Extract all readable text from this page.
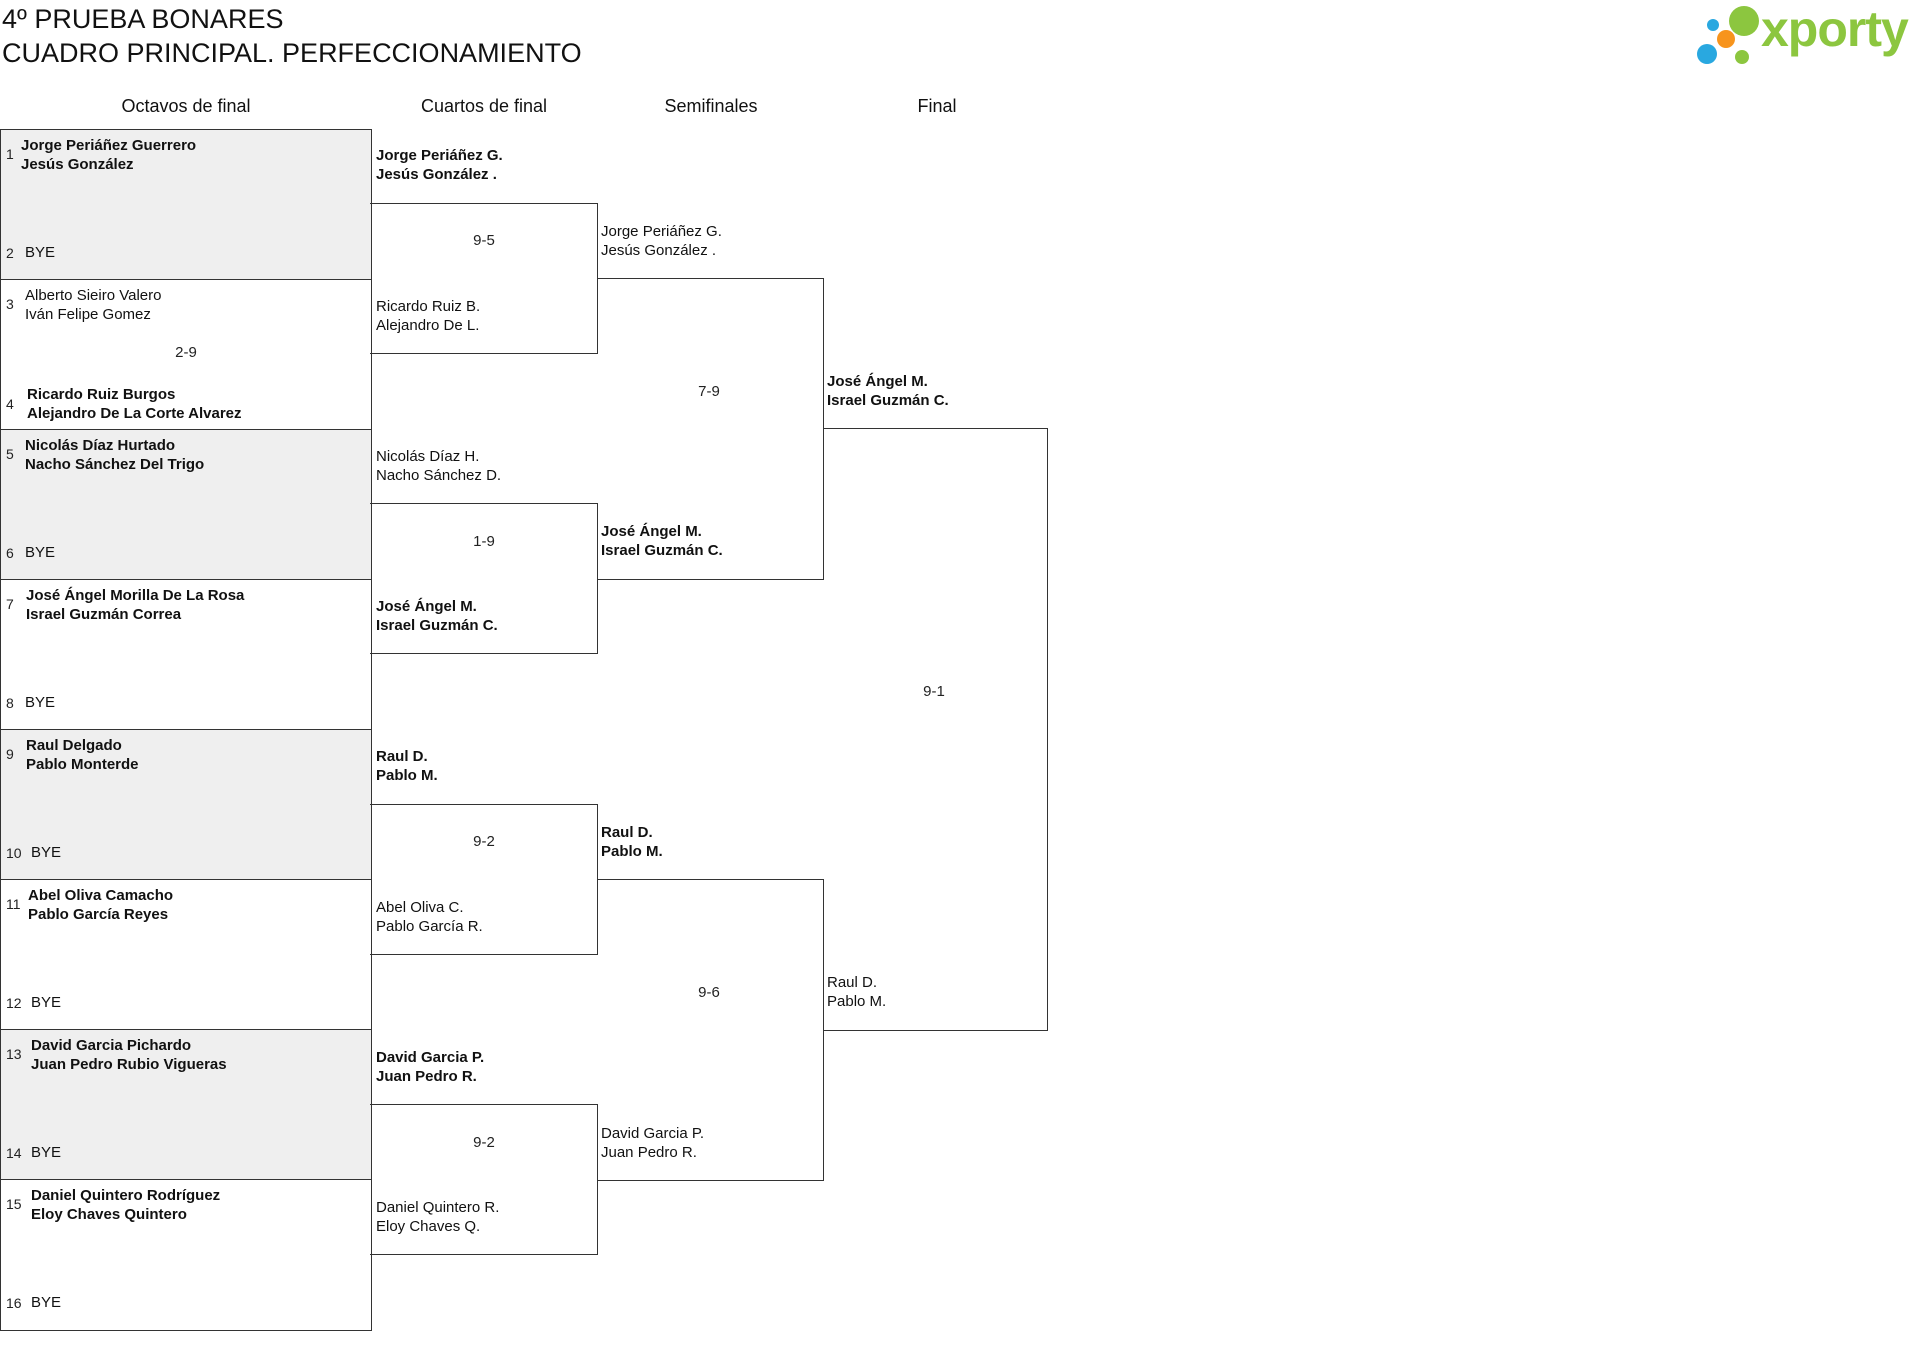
4º PRUEBA BONARES
CUADRO PRINCIPAL. PERFECCIONAMIENTO	xporty
Octavos de final	Cuartos de final	Semifinales	Final
1 Jorge Periáñez Guerrero
Jesús González
2 BYE
3 Alberto Sieiro Valero
Iván Felipe Gomez
2-9
4
Ricardo Ruiz Burgos
Alejandro De La Corte Alvarez
5 Nicolás Díaz Hurtado
Nacho Sánchez Del Trigo
6 BYE
7 José Ángel Morilla De La Rosa
Israel Guzmán Correa
8 BYE
9 Raul Delgado
Pablo Monterde
10 BYE
11 Abel Oliva Camacho
Pablo García Reyes
12 BYE
13 David Garcia Pichardo
Juan Pedro Rubio Vigueras
14 BYE
15 Daniel Quintero Rodríguez
Eloy Chaves Quintero
16 BYE
Jorge Periáñez G.
Jesús González .
9-5
Ricardo Ruiz B.
Alejandro De L.
Nicolás Díaz H.
Nacho Sánchez D.
1-9
José Ángel M.
Israel Guzmán C.
Raul D.
Pablo M.
9-2
Abel Oliva C.
Pablo García R.
David Garcia P.
Juan Pedro R.
9-2
Daniel Quintero R.
Eloy Chaves Q.
Jorge Periáñez G.
Jesús González .
7-9
José Ángel M.
Israel Guzmán C.
Raul D.
Pablo M.
9-6
David Garcia P.
Juan Pedro R.
José Ángel M.
Israel Guzmán C.
9-1
Raul D.
Pablo M.
